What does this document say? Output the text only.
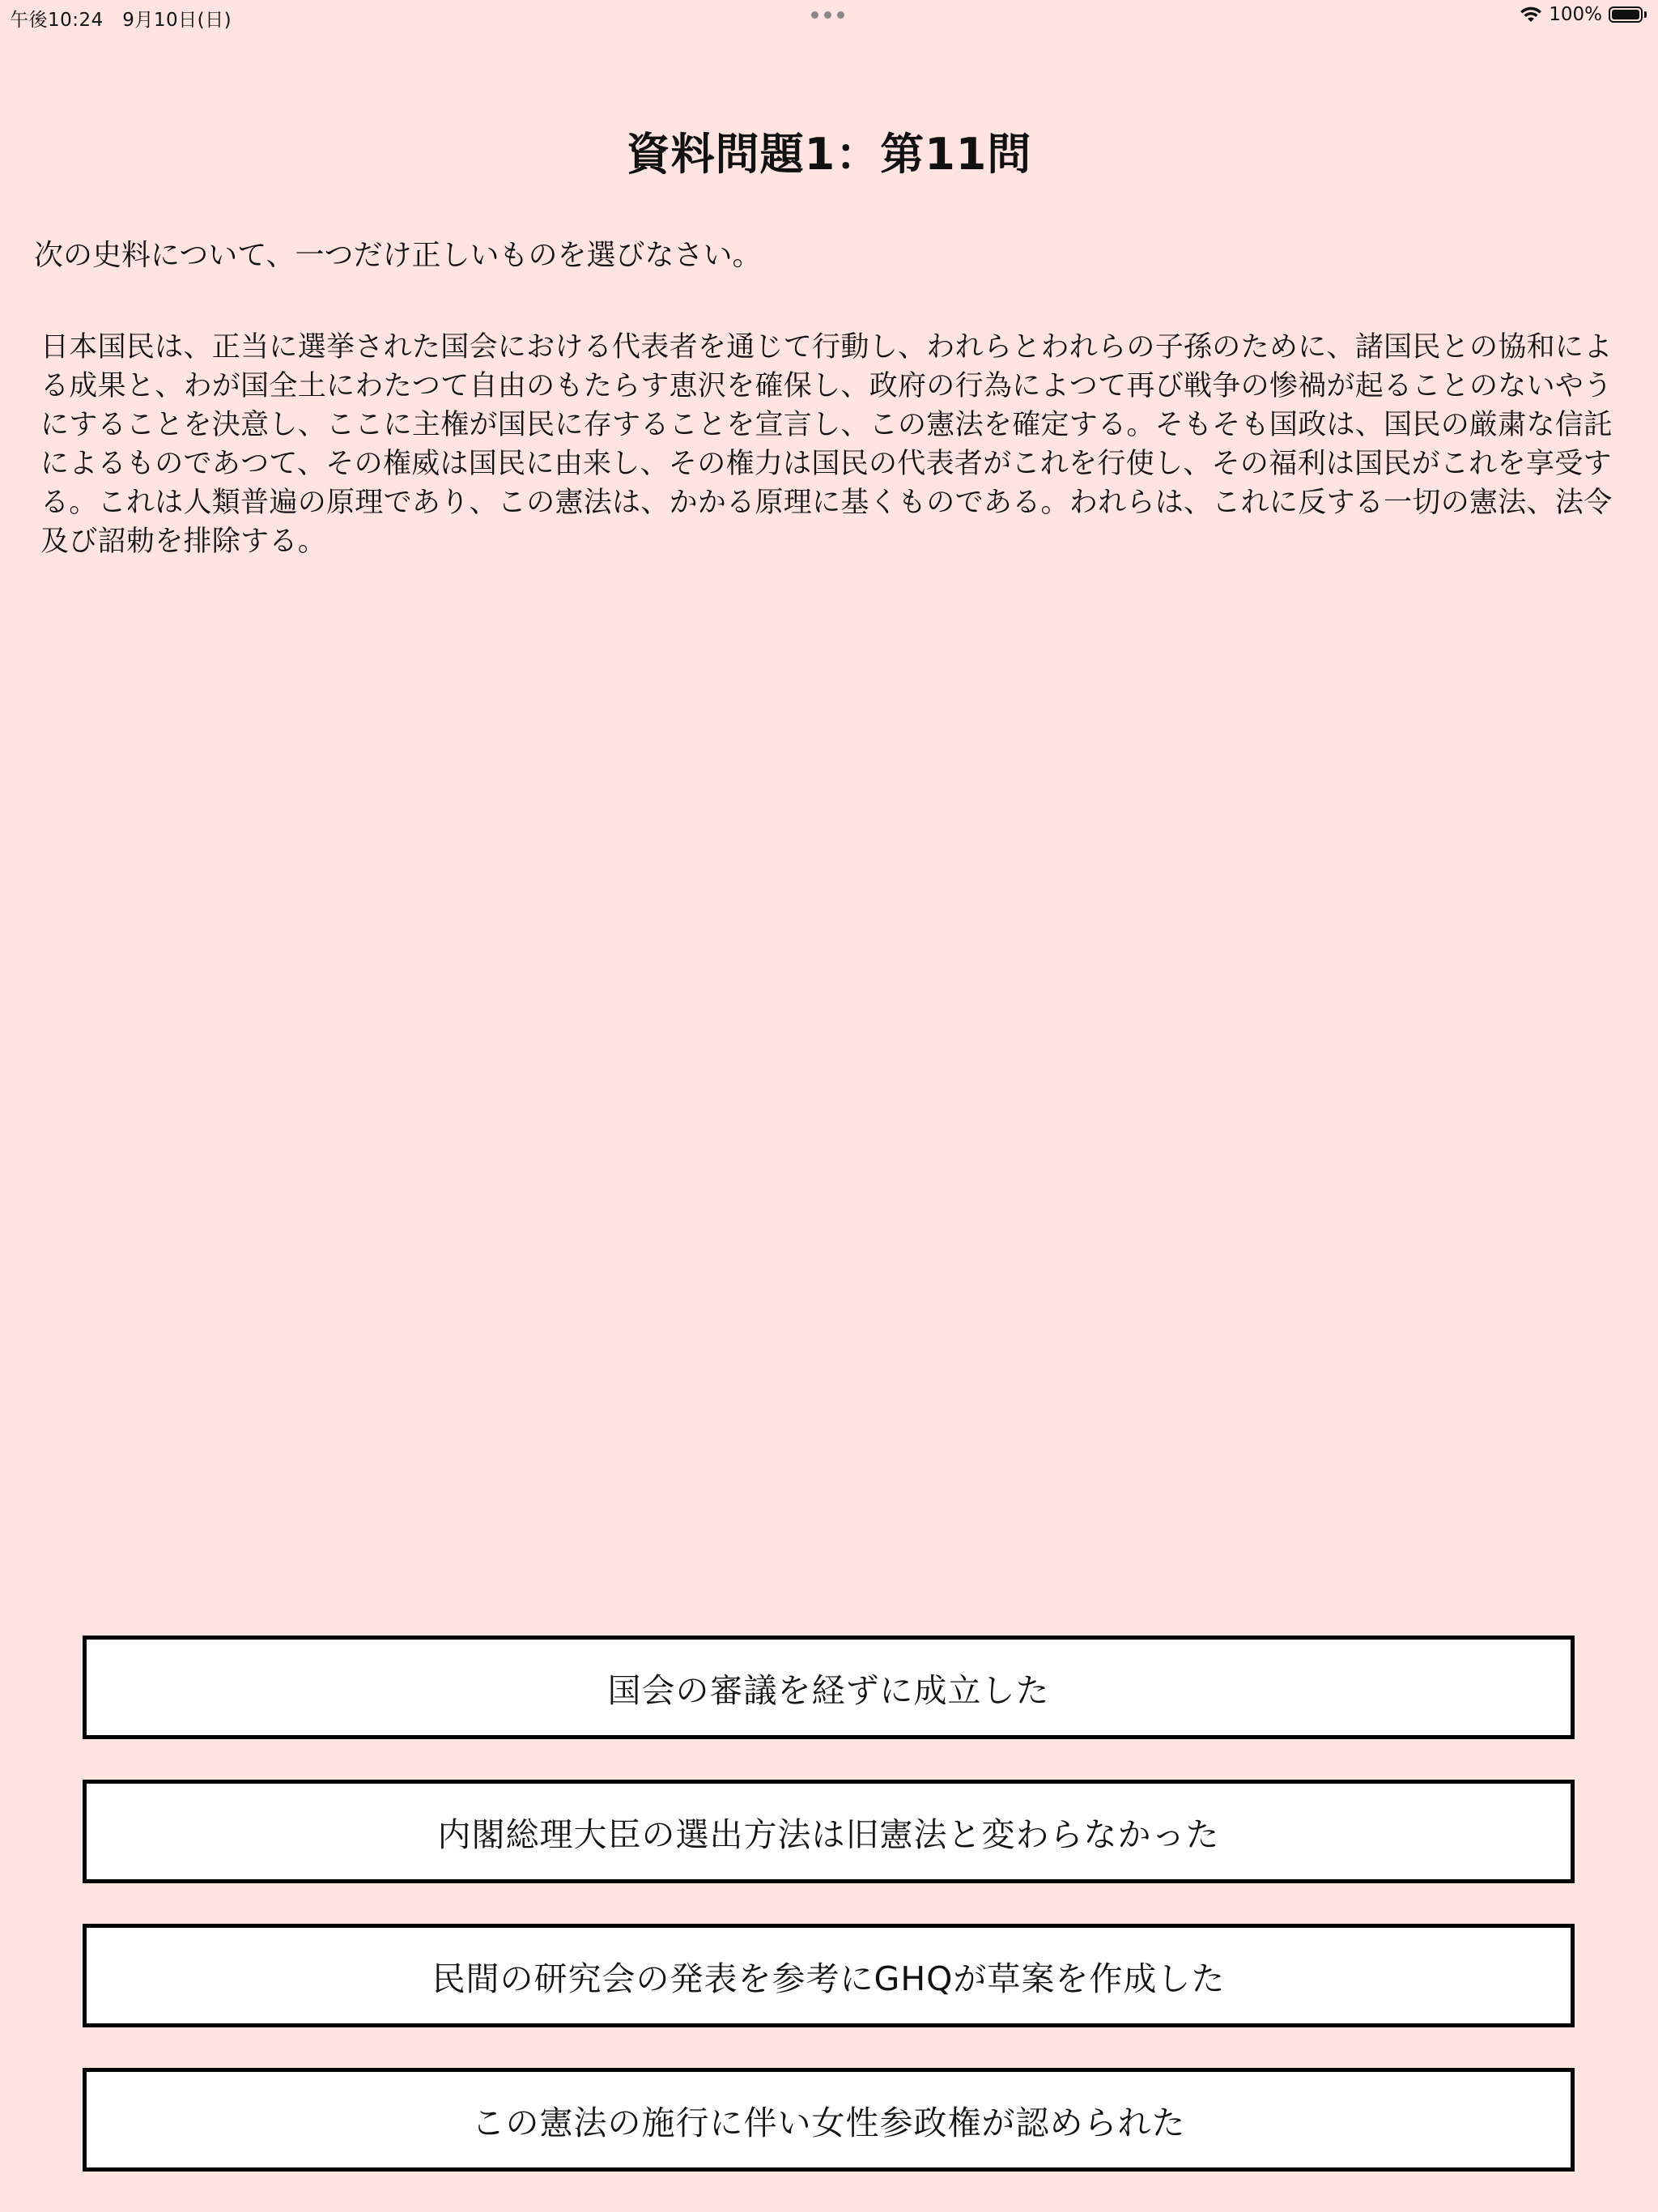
午後10:24　9月10日(日)	100%
資料問題1：第11問
次の史料について、一つだけ正しいものを選びなさい。
日本国民は、正当に選挙された国会における代表者を通じて行動し、われらとわれらの子孫のために、諸国民との協和による成果と、わが国全土にわたつて自由のもたらす恵沢を確保し、政府の行為によつて再び戦争の惨禍が起ることのないやうにすることを決意し、ここに主権が国民に存することを宣言し、この憲法を確定する。そもそも国政は、国民の厳粛な信託によるものであつて、その権威は国民に由来し、その権力は国民の代表者がこれを行使し、その福利は国民がこれを享受する。これは人類普遍の原理であり、この憲法は、かかる原理に基くものである。われらは、これに反する一切の憲法、法令及び詔勅を排除する。
国会の審議を経ずに成立した
内閣総理大臣の選出方法は旧憲法と変わらなかった
民間の研究会の発表を参考にGHQが草案を作成した
この憲法の施行に伴い女性参政権が認められた
